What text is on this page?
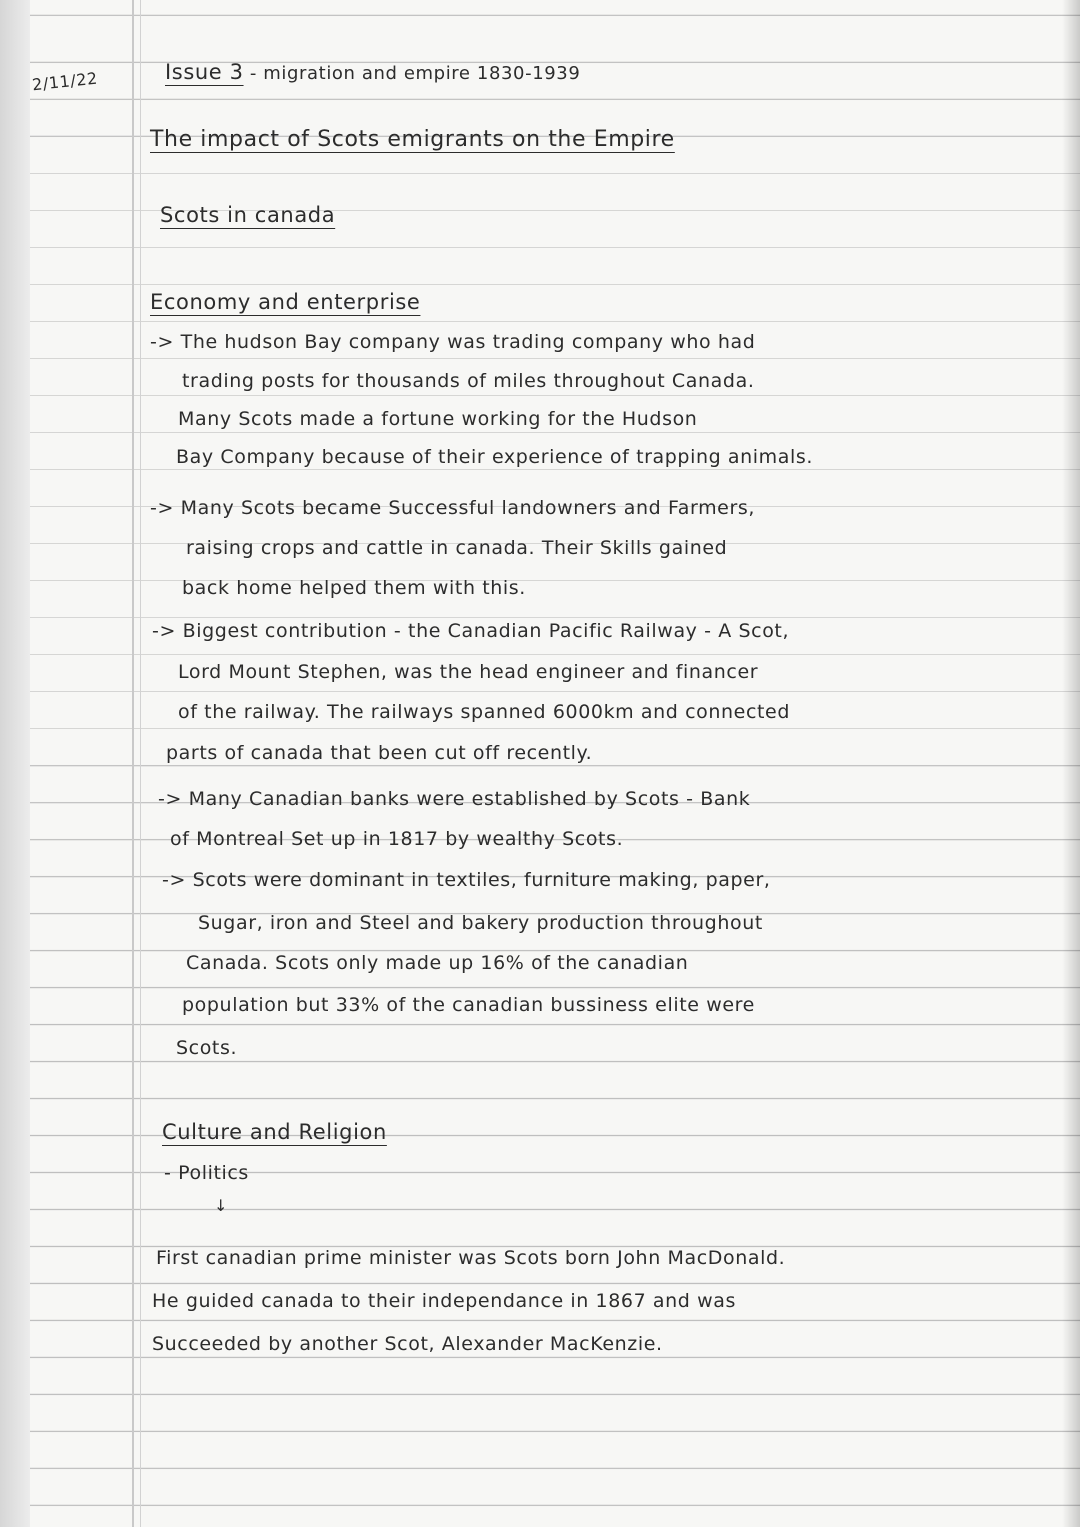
2/11/22	Issue 3 - migration and empire 1830-1939
The impact of Scots emigrants on the Empire
Scots in canada
Economy and enterprise
-> The hudson Bay company was trading company who had
trading posts for thousands of miles throughout Canada.
Many Scots made a fortune working for the Hudson
Bay Company because of their experience of trapping animals.
-> Many Scots became Successful landowners and Farmers,
raising crops and cattle in canada. Their Skills gained
back home helped them with this.
-> Biggest contribution - the Canadian Pacific Railway - A Scot,
Lord Mount Stephen, was the head engineer and financer
of the railway. The railways spanned 6000km and connected
parts of canada that been cut off recently.
-> Many Canadian banks were established by Scots - Bank
of Montreal Set up in 1817 by wealthy Scots.
-> Scots were dominant in textiles, furniture making, paper,
Sugar, iron and Steel and bakery production throughout
Canada. Scots only made up 16% of the canadian
population but 33% of the canadian bussiness elite were
Scots.
Culture and Religion
- Politics
↓
First canadian prime minister was Scots born John MacDonald.
He guided canada to their independance in 1867 and was
Succeeded by another Scot, Alexander MacKenzie.
